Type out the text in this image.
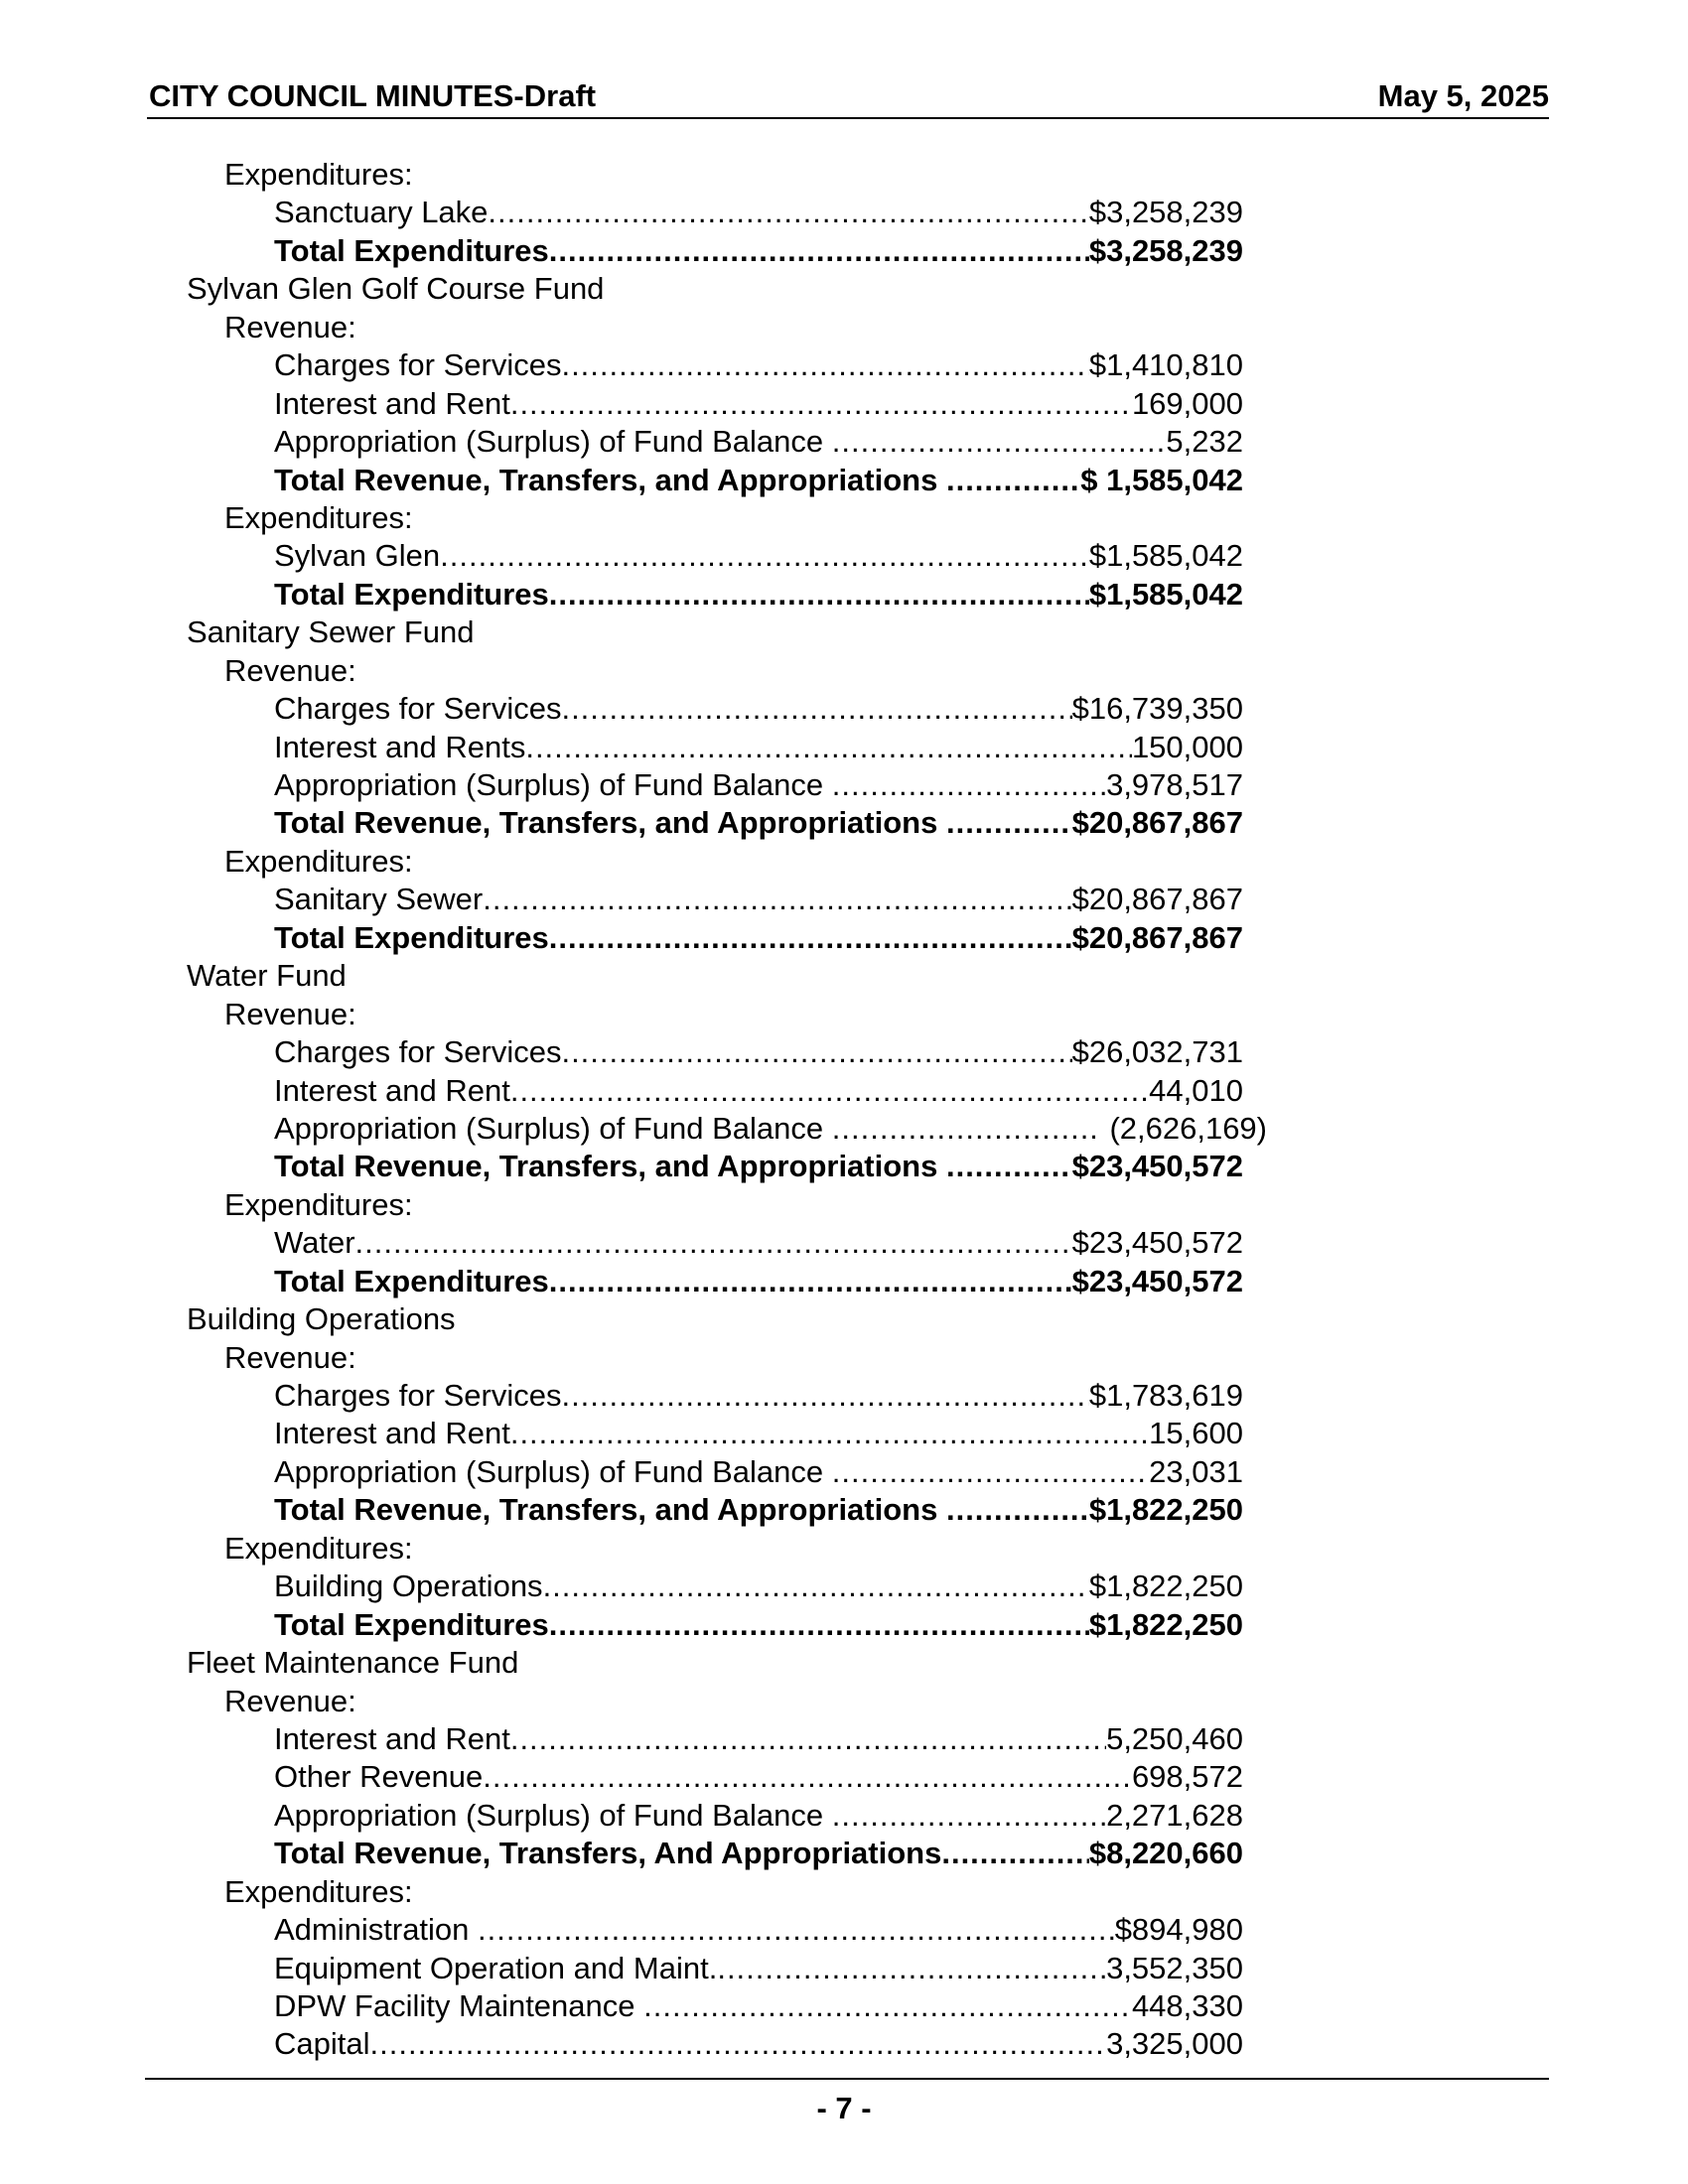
CITY COUNCIL MINUTES-Draft	May 5, 2025
Expenditures:
Sanctuary Lake .....	$3,258,239
Total Expenditures .....	$3,258,239
Sylvan Glen Golf Course Fund
Revenue:
Charges for Services .....	$1,410,810
Interest and Rent .....	169,000
Appropriation (Surplus) of Fund Balance .....	5,232
Total Revenue, Transfers, and Appropriations .....	$ 1,585,042
Expenditures:
Sylvan Glen .....	$1,585,042
Total Expenditures .....	$1,585,042
Sanitary Sewer Fund
Revenue:
Charges for Services .....	$16,739,350
Interest and Rents .....	150,000
Appropriation (Surplus) of Fund Balance .....	3,978,517
Total Revenue, Transfers, and Appropriations .....	$20,867,867
Expenditures:
Sanitary Sewer .....	$20,867,867
Total Expenditures .....	$20,867,867
Water Fund
Revenue:
Charges for Services .....	$26,032,731
Interest and Rent .....	44,010
Appropriation (Surplus) of Fund Balance .....	(2,626,169)
Total Revenue, Transfers, and Appropriations .....	$23,450,572
Expenditures:
Water .....	$23,450,572
Total Expenditures .....	$23,450,572
Building Operations
Revenue:
Charges for Services .....	$1,783,619
Interest and Rent .....	15,600
Appropriation (Surplus) of Fund Balance .....	23,031
Total Revenue, Transfers, and Appropriations .....	$1,822,250
Expenditures:
Building Operations .....	$1,822,250
Total Expenditures .....	$1,822,250
Fleet Maintenance Fund
Revenue:
Interest and Rent .....	5,250,460
Other Revenue .....	698,572
Appropriation (Surplus) of Fund Balance .....	2,271,628
Total Revenue, Transfers, And Appropriations .....	$8,220,660
Expenditures:
Administration .....	$894,980
Equipment Operation and Maint. .....	3,552,350
DPW Facility Maintenance .....	448,330
Capital .....	3,325,000
- 7 -
